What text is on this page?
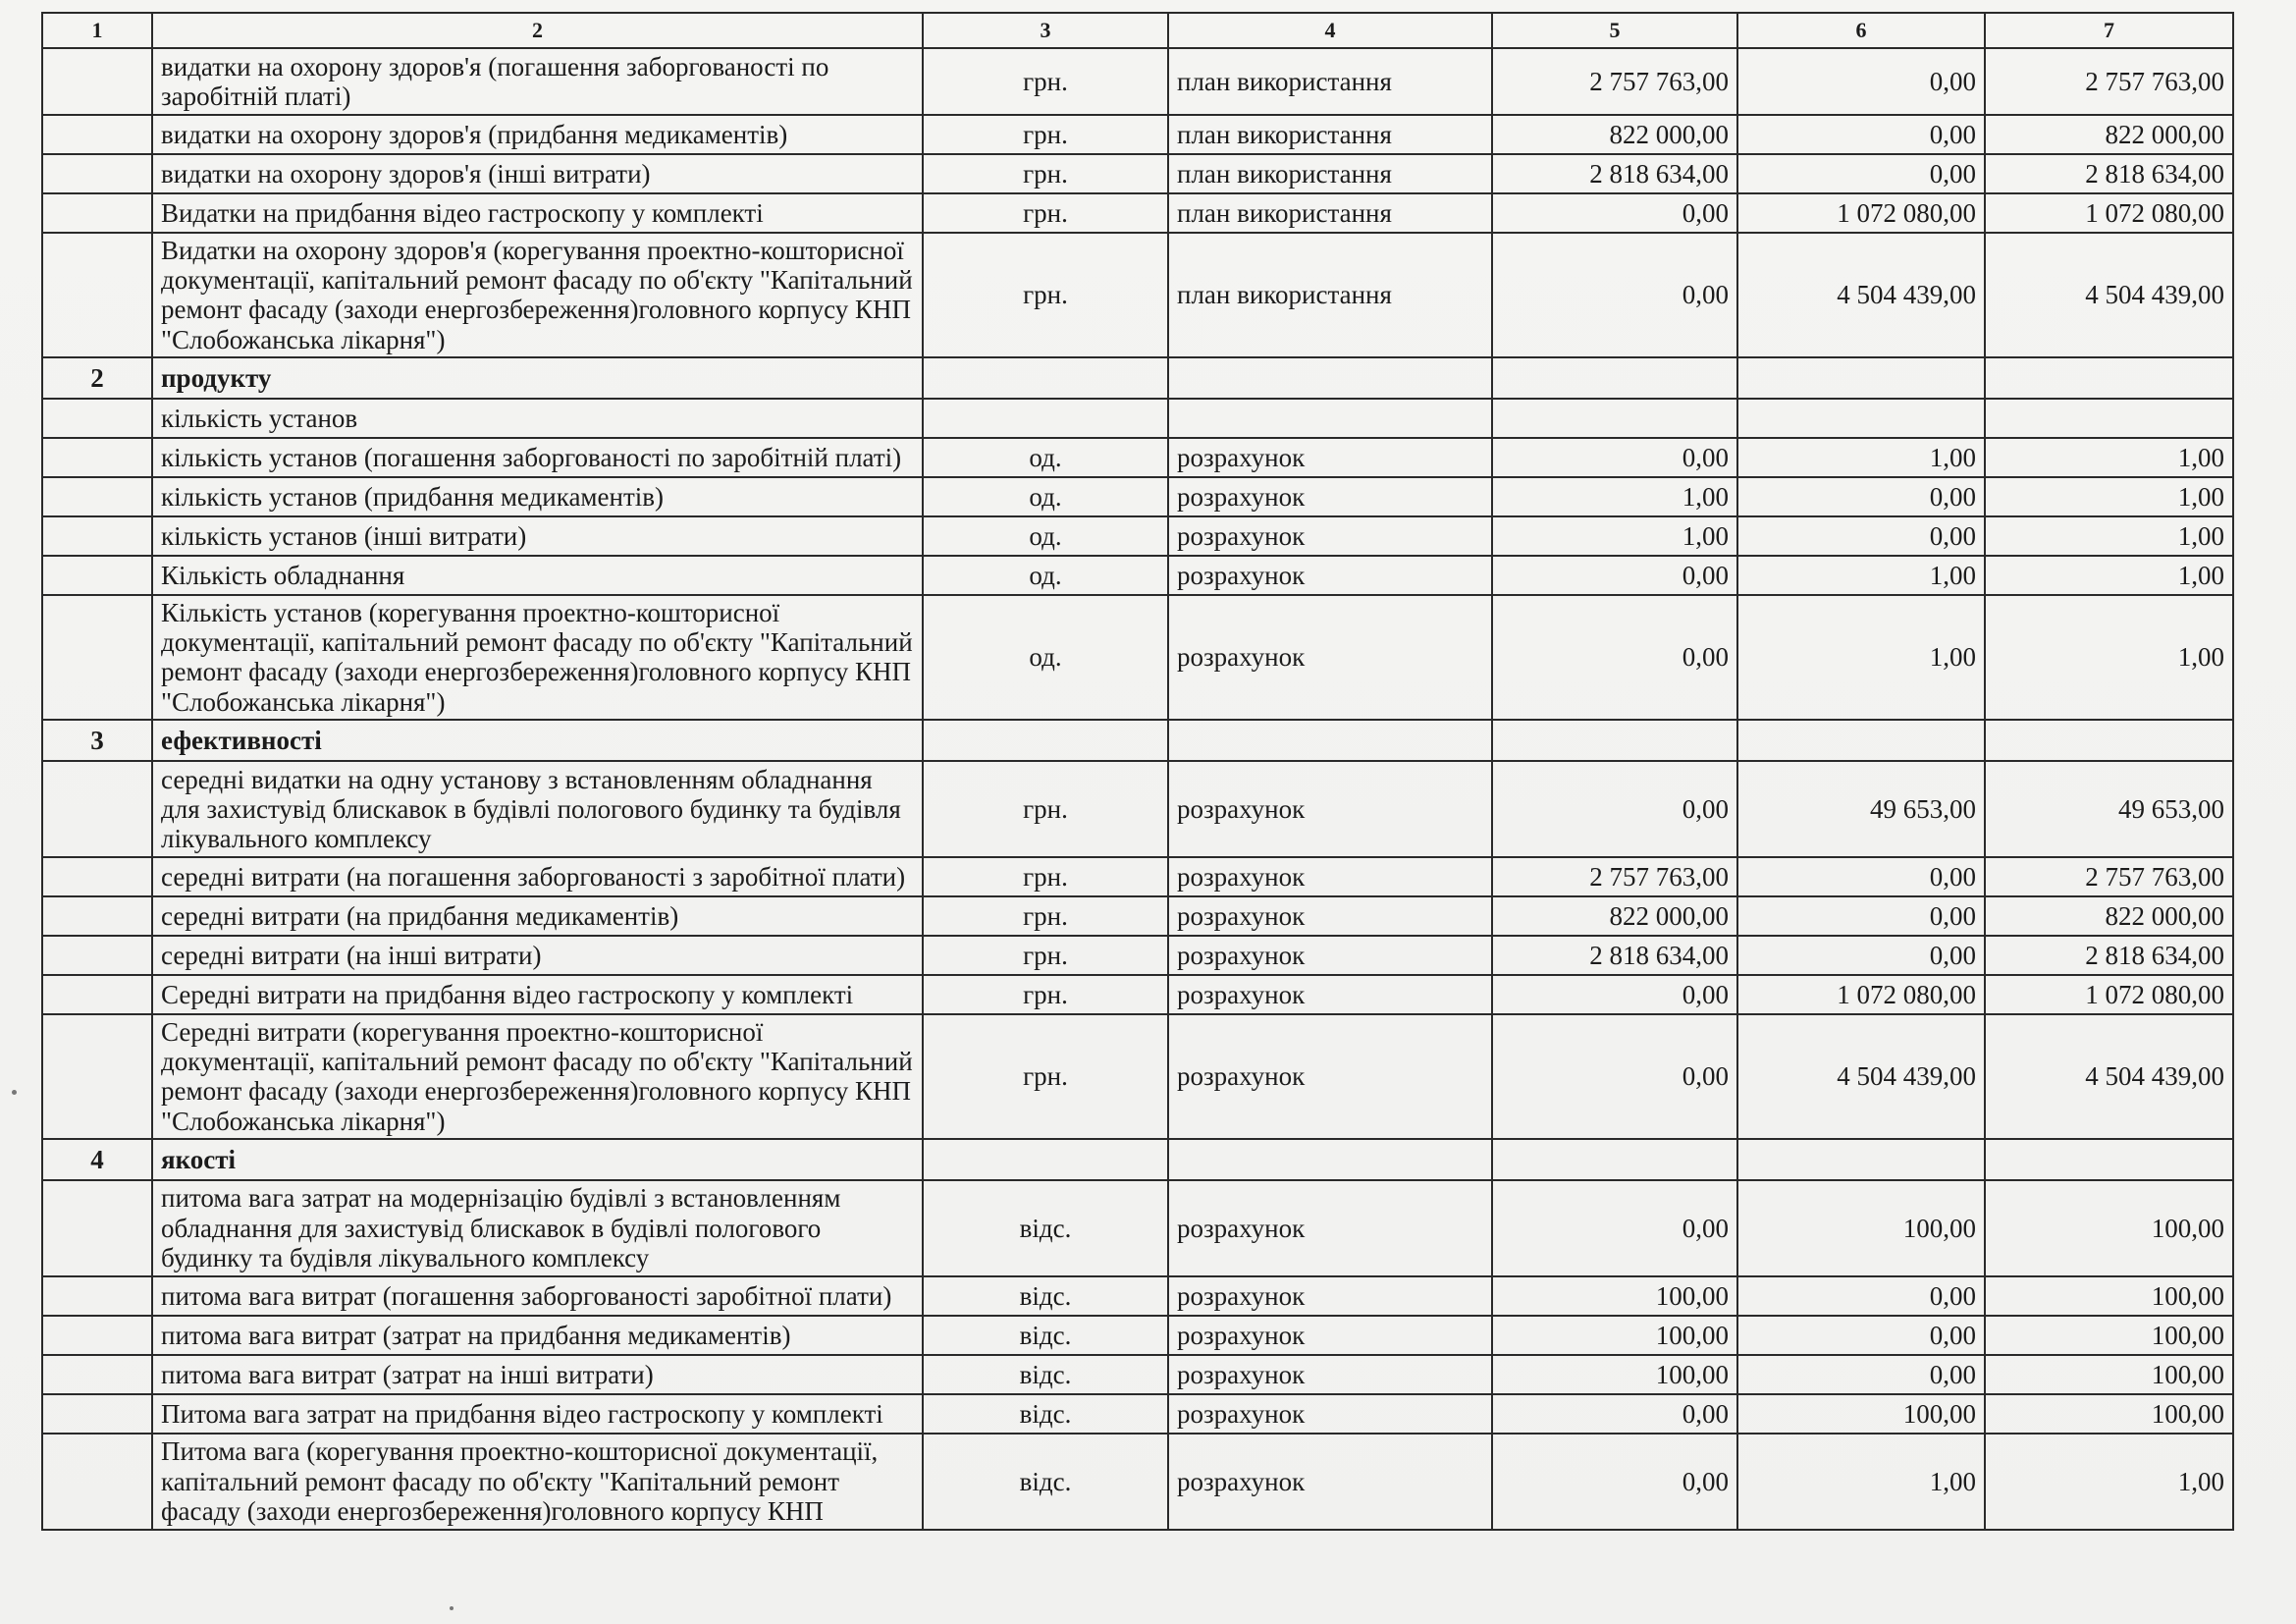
1	2	3	4	5	6	7
	видатки на охорону здоров'я (погашення заборгованості по заробітній платі)	грн.	план використання	2 757 763,00	0,00	2 757 763,00
	видатки на охорону здоров'я (придбання медикаментів)	грн.	план використання	822 000,00	0,00	822 000,00
	видатки на охорону здоров'я (інші витрати)	грн.	план використання	2 818 634,00	0,00	2 818 634,00
	Видатки на придбання відео гастроскопу у комплекті	грн.	план використання	0,00	1 072 080,00	1 072 080,00
	Видатки на охорону здоров'я (корегування проектно-кошторисної документації, капітальний ремонт фасаду по об'єкту "Капітальний ремонт фасаду (заходи енергозбереження)головного корпусу КНП "Слобожанська лікарня")	грн.	план використання	0,00	4 504 439,00	4 504 439,00
2	продукту					
	кількість установ					
	кількість установ (погашення заборгованості по заробітній платі)	од.	розрахунок	0,00	1,00	1,00
	кількість установ (придбання медикаментів)	од.	розрахунок	1,00	0,00	1,00
	кількість установ (інші витрати)	од.	розрахунок	1,00	0,00	1,00
	Кількість обладнання	од.	розрахунок	0,00	1,00	1,00
	Кількість установ (корегування проектно-кошторисної документації, капітальний ремонт фасаду по об'єкту "Капітальний ремонт фасаду (заходи енергозбереження)головного корпусу КНП "Слобожанська лікарня")	од.	розрахунок	0,00	1,00	1,00
3	ефективності					
	середні видатки на одну установу з встановленням обладнання для захистувід блискавок в будівлі пологового будинку та будівля лікувального комплексу	грн.	розрахунок	0,00	49 653,00	49 653,00
	середні витрати (на погашення заборгованості з заробітної плати)	грн.	розрахунок	2 757 763,00	0,00	2 757 763,00
	середні витрати (на придбання медикаментів)	грн.	розрахунок	822 000,00	0,00	822 000,00
	середні витрати (на інші витрати)	грн.	розрахунок	2 818 634,00	0,00	2 818 634,00
	Середні витрати на придбання відео гастроскопу у комплекті	грн.	розрахунок	0,00	1 072 080,00	1 072 080,00
	Середні витрати (корегування проектно-кошторисної документації, капітальний ремонт фасаду по об'єкту "Капітальний ремонт фасаду (заходи енергозбереження)головного корпусу КНП "Слобожанська лікарня")	грн.	розрахунок	0,00	4 504 439,00	4 504 439,00
4	якості					
	питома вага затрат на модернізацію будівлі з встановленням обладнання для захистувід блискавок в будівлі пологового будинку та будівля лікувального комплексу	відс.	розрахунок	0,00	100,00	100,00
	питома вага витрат (погашення заборгованості заробітної плати)	відс.	розрахунок	100,00	0,00	100,00
	питома вага витрат (затрат на придбання медикаментів)	відс.	розрахунок	100,00	0,00	100,00
	питома вага витрат (затрат на інші витрати)	відс.	розрахунок	100,00	0,00	100,00
	Питома вага затрат на придбання відео гастроскопу у комплекті	відс.	розрахунок	0,00	100,00	100,00
	Питома вага (корегування проектно-кошторисної документації, капітальний ремонт фасаду по об'єкту "Капітальний ремонт фасаду (заходи енергозбереження)головного корпусу КНП	відс.	розрахунок	0,00	1,00	1,00
